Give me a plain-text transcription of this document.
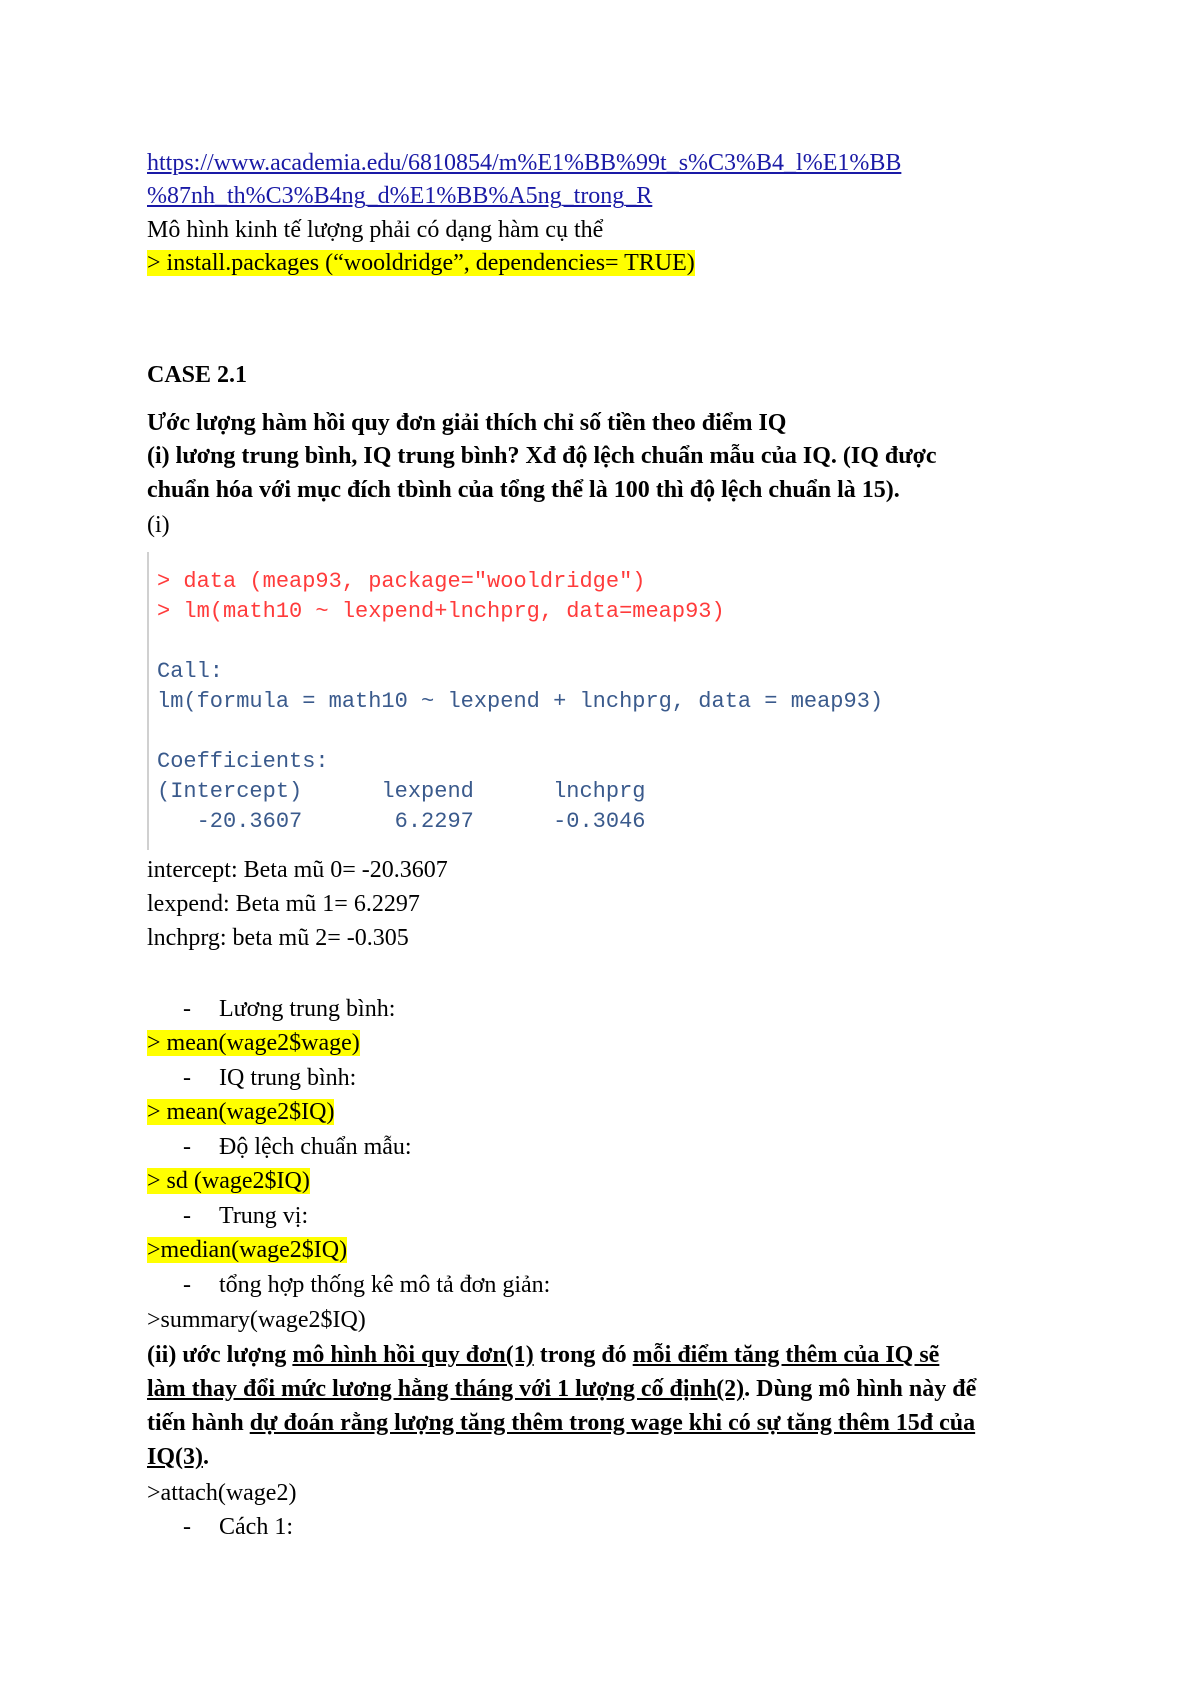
https://www.academia.edu/6810854/m%E1%BB%99t_s%C3%B4_l%E1%BB
%87nh_th%C3%B4ng_d%E1%BB%A5ng_trong_R
Mô hình kinh tế lượng phải có dạng hàm cụ thể
> install.packages (“wooldridge”, dependencies= TRUE)
CASE 2.1
Ước lượng hàm hồi quy đơn giải thích chỉ số tiền theo điểm IQ
(i) lương trung bình, IQ trung bình? Xđ độ lệch chuẩn mẫu của IQ. (IQ được
chuẩn hóa với mục đích tbình của tổng thể là 100 thì độ lệch chuẩn là 15).
(i)
> data (meap93, package="wooldridge")
> lm(math10 ~ lexpend+lnchprg, data=meap93)
Call:
lm(formula = math10 ~ lexpend + lnchprg, data = meap93)
Coefficients:
(Intercept)      lexpend      lnchprg
-20.3607       6.2297      -0.3046
intercept: Beta mũ 0= -20.3607
lexpend: Beta mũ 1= 6.2297
lnchprg: beta mũ 2= -0.305
- Lương trung bình:
> mean(wage2$wage)
- IQ trung bình:
> mean(wage2$IQ)
- Độ lệch chuẩn mẫu:
> sd (wage2$IQ)
- Trung vị:
>median(wage2$IQ)
- tổng hợp thống kê mô tả đơn giản:
>summary(wage2$IQ)
(ii) ước lượng mô hình hồi quy đơn(1) trong đó mỗi điểm tăng thêm của IQ sẽ
làm thay đổi mức lương hằng tháng với 1 lượng cố định(2). Dùng mô hình này để
tiến hành dự đoán rằng lượng tăng thêm trong wage khi có sự tăng thêm 15đ của
IQ(3).
>attach(wage2)
- Cách 1:
